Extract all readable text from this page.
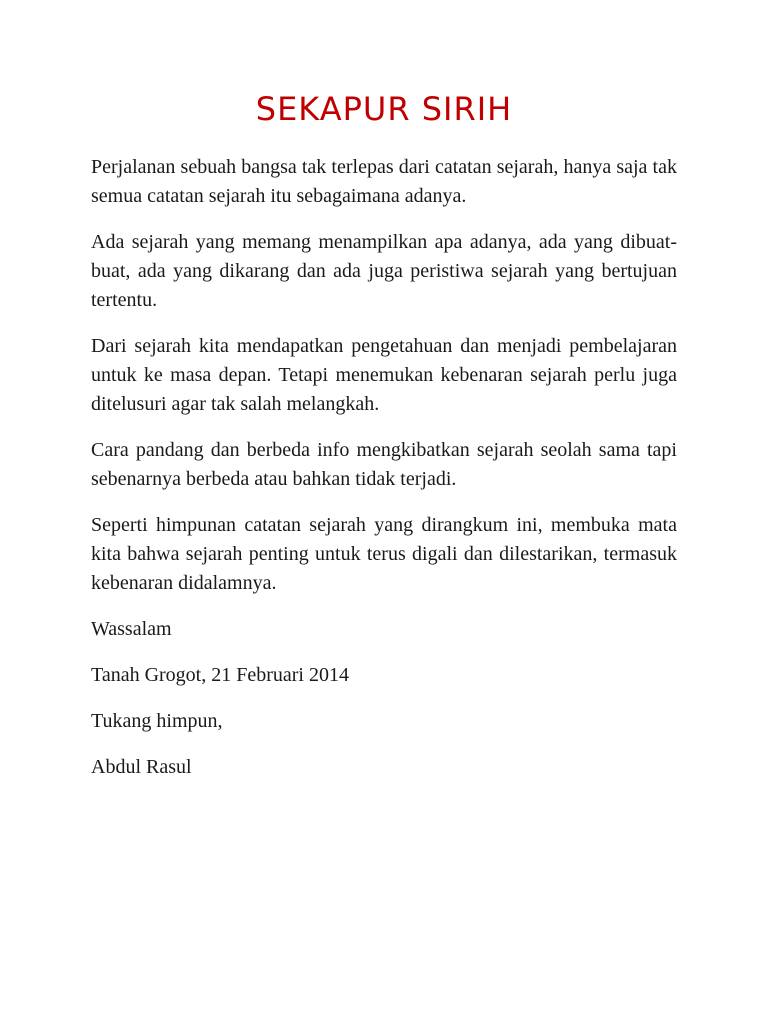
SEKAPUR SIRIH

Perjalanan sebuah bangsa tak terlepas dari catatan sejarah, hanya saja tak semua catatan sejarah itu sebagaimana adanya.

Ada sejarah yang memang menampilkan apa adanya, ada yang dibuat-buat, ada yang dikarang dan ada juga peristiwa sejarah yang bertujuan tertentu.

Dari sejarah kita mendapatkan pengetahuan dan menjadi pembelajaran untuk ke masa depan. Tetapi menemukan kebenaran sejarah perlu juga ditelusuri agar tak salah melangkah.

Cara pandang dan berbeda info mengkibatkan sejarah seolah sama tapi sebenarnya berbeda atau bahkan tidak terjadi.

Seperti himpunan catatan sejarah yang dirangkum ini, membuka mata kita bahwa sejarah penting untuk terus digali dan dilestarikan, termasuk kebenaran didalamnya.

Wassalam

Tanah Grogot, 21 Februari 2014

Tukang himpun,

Abdul Rasul
